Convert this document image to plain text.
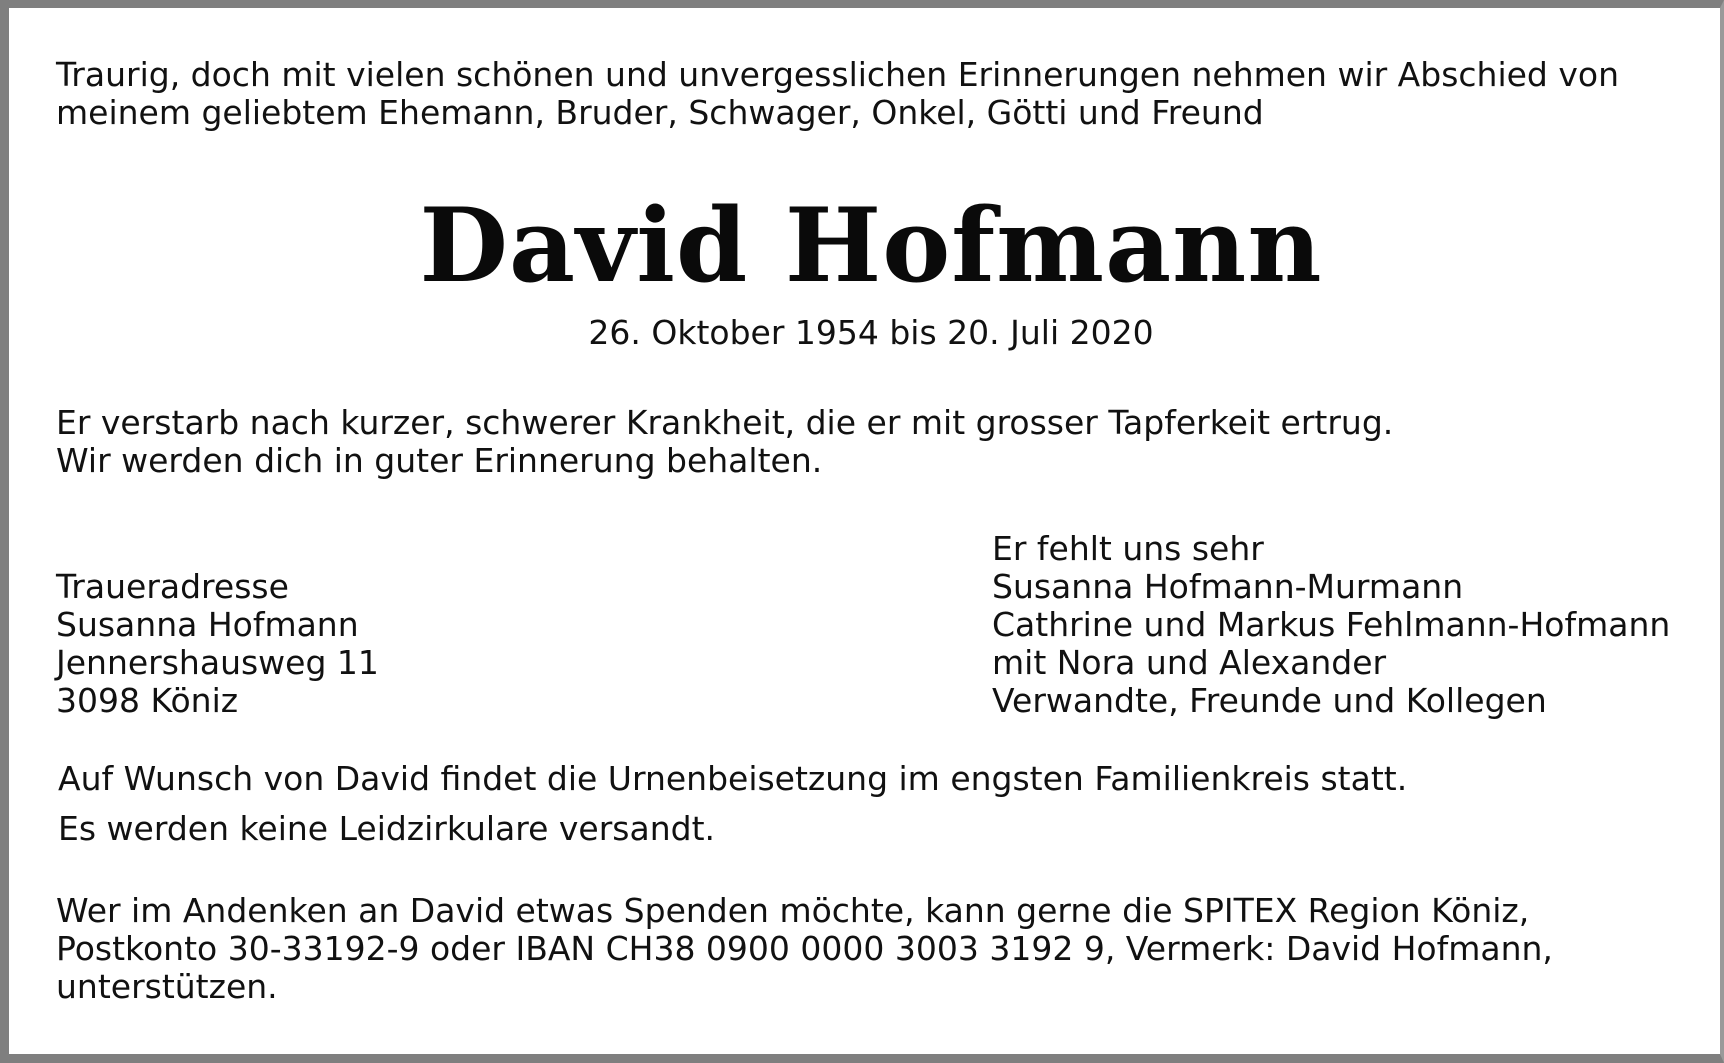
Traurig, doch mit vielen schönen und unvergesslichen Erinnerungen nehmen wir Abschied von
meinem geliebtem Ehemann, Bruder, Schwager, Onkel, Götti und Freund
David Hofmann

26. Oktober 1954 bis 20. Juli 2020

Er verstarb nach kurzer, schwerer Krankheit, die er mit grosser Tapferkeit ertrug.
Wir werden dich in guter Erinnerung behalten.
Traueradresse
Susanna Hofmann
Jennershausweg 11
3098 Köniz
Er fehlt uns sehr
Susanna Hofmann-Murmann
Cathrine und Markus Fehlmann-Hofmann
mit Nora und Alexander
Verwandte, Freunde und Kollegen
Auf Wunsch von David findet die Urnenbeisetzung im engsten Familienkreis statt.
Es werden keine Leidzirkulare versandt.
Wer im Andenken an David etwas Spenden möchte, kann gerne die SPITEX Region Köniz,
Postkonto 30-33192-9 oder IBAN CH38 0900 0000 3003 3192 9, Vermerk: David Hofmann,
unterstützen.
